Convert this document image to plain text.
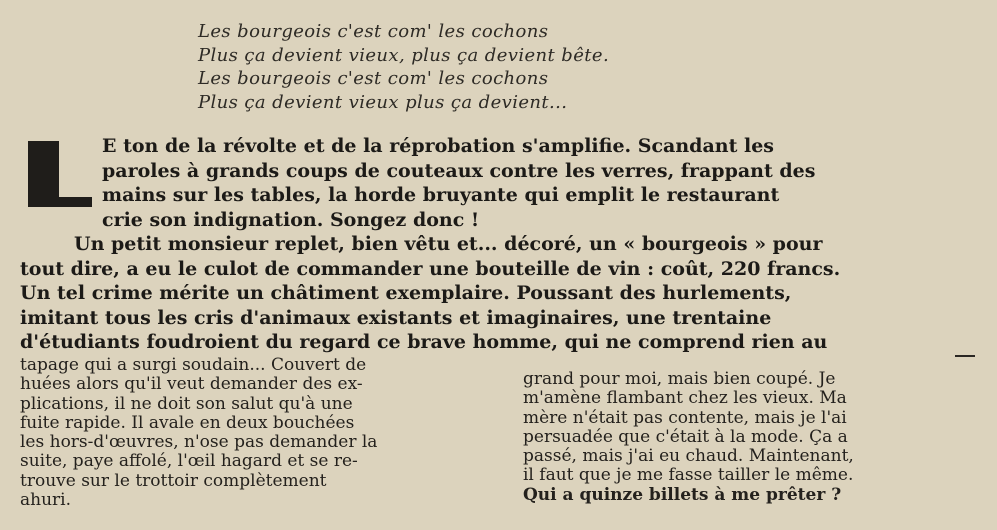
Les bourgeois c'est com' les cochons
Plus ça devient vieux, plus ça devient bête.
Les bourgeois c'est com' les cochons
Plus ça devient vieux plus ça devient...
E ton de la révolte et de la réprobation s'amplifie. Scandant les
paroles à grands coups de couteaux contre les verres, frappant des
mains sur les tables, la horde bruyante qui emplit le restaurant
crie son indignation. Songez donc !
Un petit monsieur replet, bien vêtu et... décoré, un « bourgeois » pour
tout dire, a eu le culot de commander une bouteille de vin : coût, 220 francs.
Un tel crime mérite un châtiment exemplaire. Poussant des hurlements,
imitant tous les cris d'animaux existants et imaginaires, une trentaine
d'étudiants foudroient du regard ce brave homme, qui ne comprend rien au
tapage qui a surgi soudain... Couvert de
huées alors qu'il veut demander des ex-
plications, il ne doit son salut qu'à une
fuite rapide. Il avale en deux bouchées
les hors-d'œuvres, n'ose pas demander la
suite, paye affolé, l'œil hagard et se re-
trouve sur le trottoir complètement
ahuri.
grand pour moi, mais bien coupé. Je
m'amène flambant chez les vieux. Ma
mère n'était pas contente, mais je l'ai
persuadée que c'était à la mode. Ça a
passé, mais j'ai eu chaud. Maintenant,
il faut que je me fasse tailler le même.
Qui a quinze billets à me prêter ?
